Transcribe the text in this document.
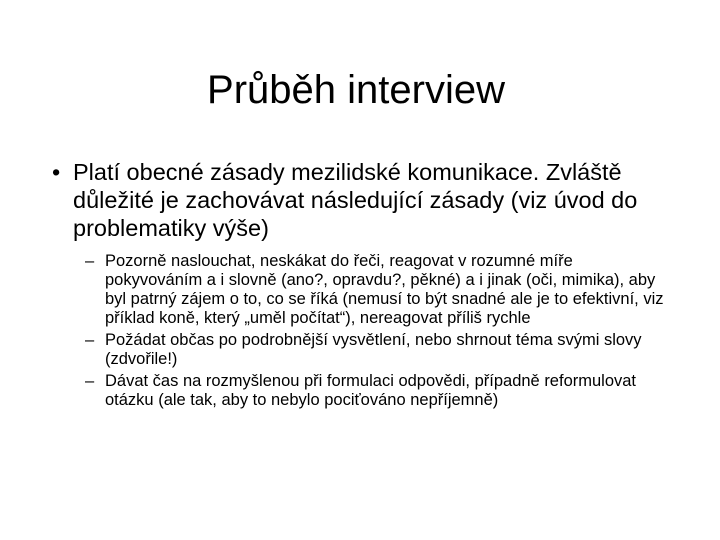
Průběh interview
• Platí obecné zásady mezilidské komunikace. Zvláště důležité je zachovávat následující zásady (viz úvod do problematiky výše)
– Pozorně naslouchat, neskákat do řeči, reagovat v rozumné míře pokyvováním a i slovně (ano?, opravdu?, pěkné) a i jinak (oči, mimika), aby byl patrný zájem o to, co se říká (nemusí to být snadné ale je to efektivní, viz příklad koně, který „uměl počítat“), nereagovat příliš rychle
– Požádat občas po podrobnější vysvětlení, nebo shrnout téma svými slovy (zdvořile!)
– Dávat čas na rozmyšlenou při formulaci odpovědi, případně reformulovat otázku (ale tak, aby to nebylo pociťováno nepříjemně)
